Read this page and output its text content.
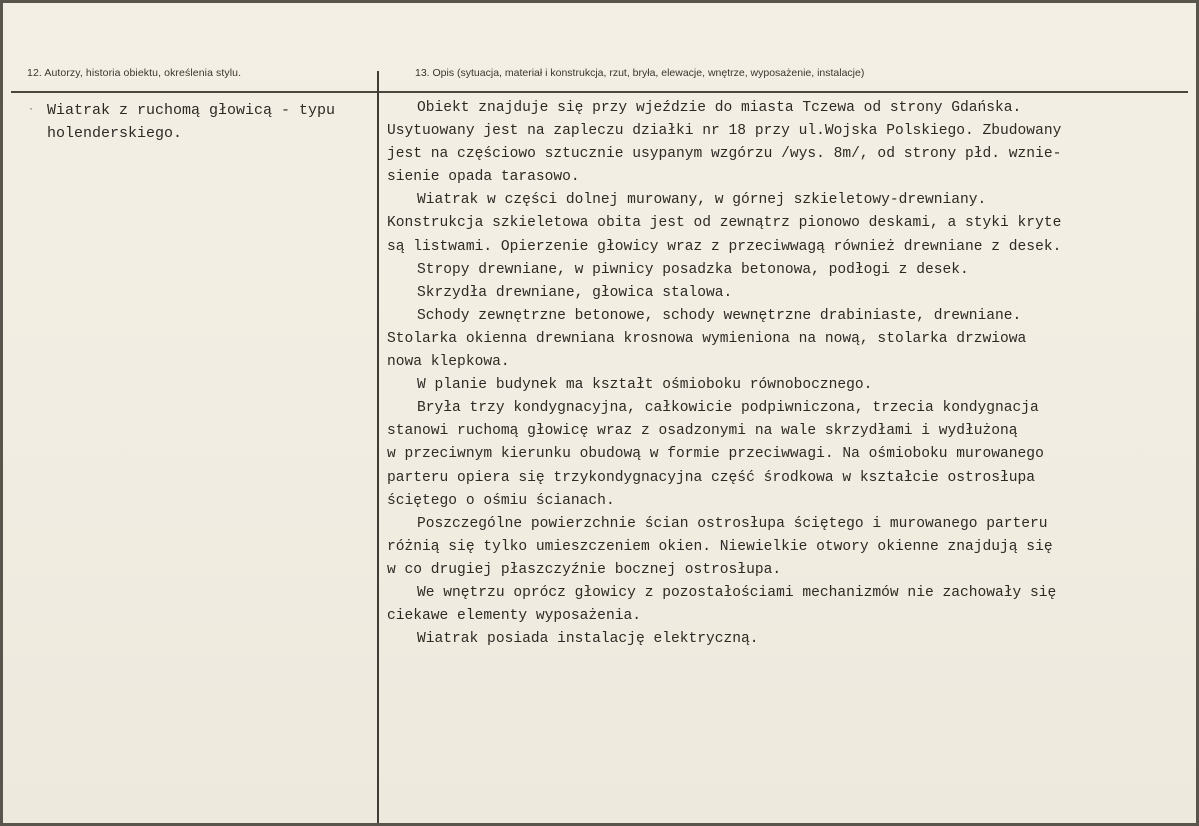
12. Autorzy, historia obiektu, określenia stylu.	13. Opis (sytuacja, materiał i konstrukcja, rzut, bryła, elewacje, wnętrze, wyposażenie, instalacje)
· Wiatrak z ruchomą głowicą - typu
holenderskiego.
Obiekt znajduje się przy wjeździe do miasta Tczewa od strony Gdańska.
Usytuowany jest na zapleczu działki nr 18 przy ul.Wojska Polskiego. Zbudowany
jest na częściowo sztucznie usypanym wzgórzu /wys. 8m/, od strony płd. wznie-
sienie opada tarasowo.
Wiatrak w części dolnej murowany, w górnej szkieletowy-drewniany.
Konstrukcja szkieletowa obita jest od zewnątrz pionowo deskami, a styki kryte
są listwami. Opierzenie głowicy wraz z przeciwwagą również drewniane z desek.
Stropy drewniane, w piwnicy posadzka betonowa, podłogi z desek.
Skrzydła drewniane, głowica stalowa.
Schody zewnętrzne betonowe, schody wewnętrzne drabiniaste, drewniane.
Stolarka okienna drewniana krosnowa wymieniona na nową, stolarka drzwiowa
nowa klepkowa.
W planie budynek ma kształt ośmioboku równobocznego.
Bryła trzy kondygnacyjna, całkowicie podpiwniczona, trzecia kondygnacja
stanowi ruchomą głowicę wraz z osadzonymi na wale skrzydłami i wydłużoną
w przeciwnym kierunku obudową w formie przeciwwagi. Na ośmioboku murowanego
parteru opiera się trzykondygnacyjna część środkowa w kształcie ostrosłupa
ściętego o ośmiu ścianach.
Poszczególne powierzchnie ścian ostrosłupa ściętego i murowanego parteru
różnią się tylko umieszczeniem okien. Niewielkie otwory okienne znajdują się
w co drugiej płaszczyźnie bocznej ostrosłupa.
We wnętrzu oprócz głowicy z pozostałościami mechanizmów nie zachowały się
ciekawe elementy wyposażenia.
Wiatrak posiada instalację elektryczną.
